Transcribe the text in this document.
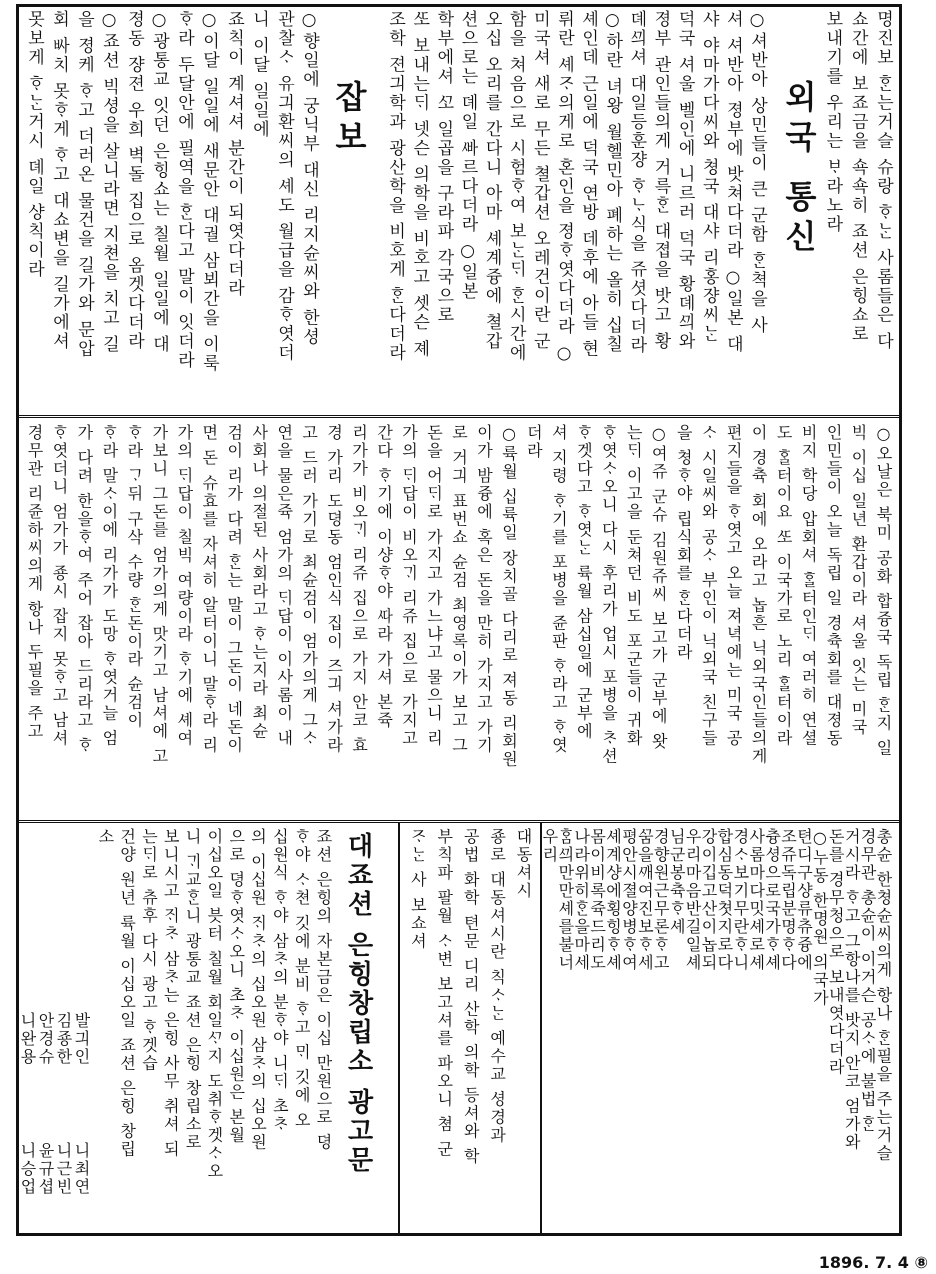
명진보 ᄒᆞᆫ는거슬 슈랑 ᄒᆞᄂᆞᆫ 사롬들은 다
쇼간에 보죠금을 쇽쇽히 죠션 은힝쇼로
보내기를 우리는 ᄇᆞ라노라
○셔반아 상민들이 큰 군함 ᄒᆞᆫ쳑을 사
셔 셔반아 졍부에 밧쳐다더라 ○일본 대
샤 야마가다씨와 쳥국 대샤 리홍쟝씨ᄂᆞᆫ
덕국 셔울 벨인에 니르러 덕국 황뎨ᄭᅴ와
졍부 관인들의게 거륵ᄒᆞᆫ 대졉을 밧고 황
뎨ᄭᅴ셔 대일등훈쟝 ᄒᆞᄂᆞ식을 쥬셧다더라
○하란 녀왕 월헬민아 폐하는 올히 십칠
셰인데 근일에 덕국 연방 데후에 아들 현
뤼란 셰ᄌᆞ의게로 혼인을 졍ᄒᆞ엿다더라 ○
미국셔 새로 무든 쳘갑션 오레건이란 군
함을 쳐음으로 시험ᄒᆞ여 보ᄂᆞᆫᄃᆡ ᄒᆞᆫ시간에
오십 오리를 간다니 아마 셰계즁에 쳘갑
션으로는 뎨일 ᄲᅡ르다더라 ○일본
학부에셔 ᄭᅩ 일곱을 구라파 각국으로
ᄯᅩ 보내는ᄃᆡ 넷슨 의학을 비호고 셋슨 졔
조학 젼긔학과 광산학을 비호게 ᄒᆞᆫ다더라	외국 통신
○향일에 궁닉부 대신 리지슌씨와 한셩
관찰ᄉᆞ 유긔환씨의 셰도 월급을 감ᄒᆞ엿더
니 이달 일일에
죠칙이 계셔셔 분간이 되엿다더라
○이달 일일에 새문안 대궐 삼뵈간을 이룩
ᄒᆞ라 두달안에 필역을 ᄒᆞᆫ다고 말이 잇더라
○광통교 잇던 은힝쇼는 칠월 일일에 대
졍동 쟝젼 우희 벽돌 집으로 옴겟다더라
○죠션 빅셩을 살니라면 지쳔을 치고 길
을 졍케 ᄒᆞ고 더러온 물건을 길가와 문압
회 ᄡᅡ치 못ᄒᆞ게 ᄒᆞ고 대쇼변을 길가에셔
못보게 ᄒᆞᄂᆞᆫ거시 뎨일 샹칙이라	잡보
○오날은 북미 공화 합즁국 독립 ᄒᆞᆫ지 일
빅 이십 일년 환갑이라 셔울 잇는 미국
인민들이 오늘 독립 일 경츅회를 대졍동
비지 학당 압회셔 ᄒᆞᆯ터인ᄃᆡ 여러히 연셜
도 ᄒᆞᆯ터이요 ᄯᅩ 이국가로 노리 ᄒᆞᆯ터이라
이 경츅 회에 오라고 놉흔 닉외국인들의게
편지들을 ᄒᆞ엿고 오늘 져녁에는 미국 공
ᄉᆞ 시일씨와 공ᄉᆞ 부인이 닉외국 친구들
을 쳥ᄒᆞ야 립식회를 ᄒᆞᆫ다더라
○여쥬 군슈 김원쥬씨 보고가 군부에 왓
는ᄃᆡ 이고을 둔쳐던 비도 포군들이 귀화
ᄒᆞ엿ᄉᆞ오니 다시 후리가 업시 포병을 ᄎᆞ션
ᄒᆞ겟다고 ᄒᆞ엿ᄂᆞᆫ 륙월 삼십일에 군부에
셔 지령 ᄒᆞ기를 포병을 쥰판 ᄒᆞ라고 ᄒᆞ엿
더라
○륙월 십륙일 장치골 다리로 져동 리회원
이가 밤즁에 혹은 돈을 만히 가지고 가기
로 거긔 표번쇼 슌검 최영록이가 보고 그
돈을 어ᄃᆡ로 가지고 가느냐고 물으니 리
가의 ᄃᆡ답이 비오ᄀᆡ 리쥬 집으로 가지고
간다 ᄒᆞ기에 이샹ᄒᆞ야 ᄯᅡ라 가셔 본쥭
리가가 비오ᄀᆡ 리쥬 집으로 가지 안코 효
경 가리 도뎡동 엄인식 집이 즈긔 셔가라
고 드러 가기로 최슌검이 엄가의게 그ᄉᆞ
연을 물은쥭 엄가의 ᄃᆡ답이 이사롬이 내
사회나 의절된 사회라고 ᄒᆞ는지라 최슌
검이 리가 다려 ᄒᆞᆫ는 말이 그돈이 네돈이
면 돈 슈효를 자셔히 알터이니 말ᄒᆞ라 리
가의 ᄃᆡ답이 칠빅 여량이라 ᄒᆞ기에 셰여
가보니 그돈를 엄가의게 맛기고 남셔에 고
ᄒᆞ라 ᄀᆞ뒤 구삭 수량 ᄒᆞᆫ돈이라 슌검이
ᄒᆞ라 말ᄉᆞ이에 리가가 도망 ᄒᆞ엿거늘 엄
가 다려 한을ᄒᆞ여 주어 잡아 드리라고 ᄒᆞ
ᄒᆞ엿더니 엄가가 죵시 잡지 못ᄒᆞ고 남셔
경무관 리쥰하씨의게 항나 두필을 주고
총슌 한쳥슌씨의게 항나 ᄒᆞᆫ필을 주는거슬
경무관 총슌이 이거슨 공ᄉᆞ에 불법 ᄒᆞᆫ
거시라 ᄒᆞ고 그항나를 밧지 안코 엄가와
돈를 경무청으로 보내엿다더라
○누동 한명원 의국가
텬디구샹류츄즁에
조쥬독립분명ᄒᆞ다
츙셩으로국가ᄒᆞ셰
사롬마다밋셰로셰
경ᄉᆞ보기무란ᄒᆞ니
합심동덕쳣지로다
강이깁고산이놉되
우리마음반길일셰
님군봉츅ᄒᆞ셰
경향원근무론ᄒᆞ고
ᄭᅮᆷ을ᄭᅢ여진보ᄒᆞ세
평안시졀양병ᄒᆞ여
셰계샹에횡힝ᄒᆞ셰
몸이비록쥭드리도
나라위히ᄒᆞᆫ을마세
ᄒᆞᆷᄭᅴ만만셰를불너
우리
대동셔시
죵로 대동셔시란 칙ᄉᆞᄂᆞᆫ 예수교 셩경과
공법 화학 텬문 디리 산학 의학 등셔와 학
부칙파 팔월 ᄉᆞ변 보고셔를 파오니 쳠 군
ᄌᆞᄂᆞᆫ 사 보쇼셔
죠션 은힝의 자본금은 이십 만원으로 뎡
ᄒᆞ야 ᄉᆞ쳔 깃에 분비 ᄒᆞ고 ᄆᆡ 깃에 오
십원식 ᄒᆞ야 삼ᄎᆞ의 분ᄒᆞ야 니ᄃᆡ 초ᄎᆞ
의 이십원 ᄌᆡᄎᆞ의 십오원 삼ᄎᆞ의 십오원
으로 뎡ᄒᆞ엿ᄉᆞ오니 초ᄎᆞ 이십원은 본월
이십오일 븟터 칠월 회일ᄭᆞ지 도취ᄒᆞ겟ᄉᆞ오
니 ᄀᆡ교ᄒᆞᆫ니 광통교 죠션 은힝 창립소로
보니시고 ᄌᆡᄎᆞ 삼ᄎᆞ는 은힝 사무 취셔 되
는ᄃᆡ로 츄후 다시 광고 ᄒᆞ겟습
건양 원년 륙월 이십오일 죠션 은힝 창립
소	대죠션 은힝창립소 광고문
니최연
발긔인
니근빈
김죵한
윤규셥
안경슈
니승업
니완용
1896. 7. 4 ⑧
